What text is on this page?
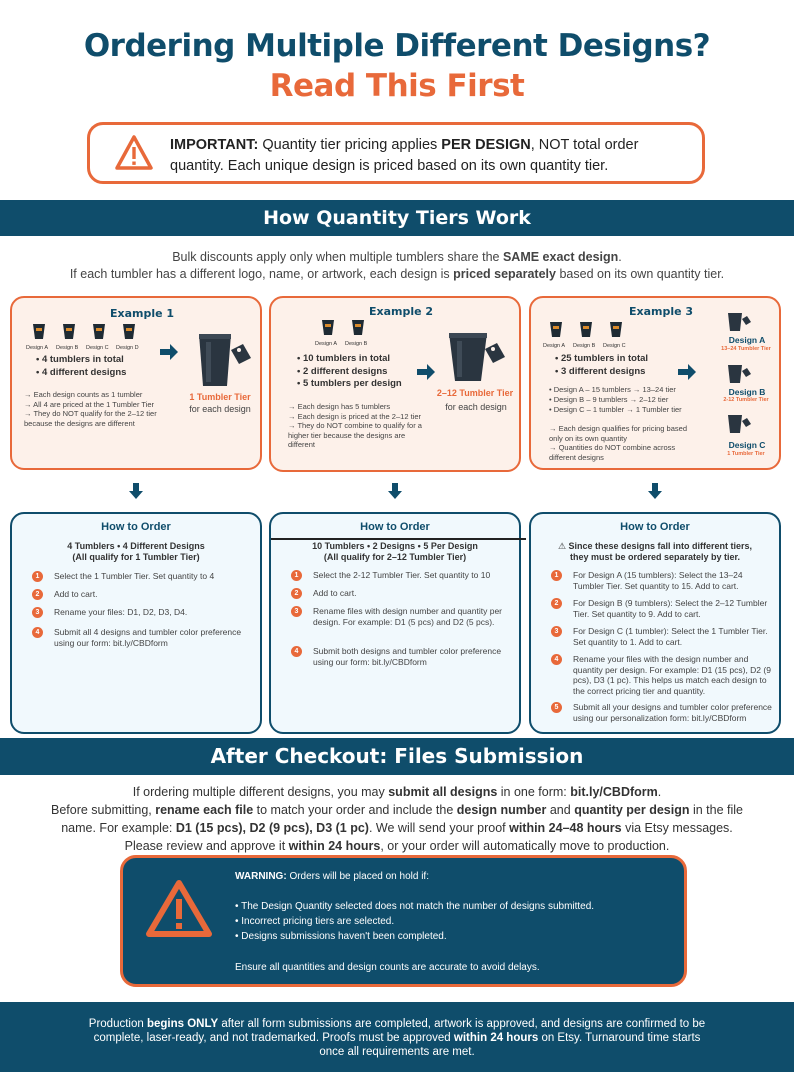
Ordering Multiple Different Designs?
Read This First
IMPORTANT: Quantity tier pricing applies PER DESIGN, NOT total order quantity. Each unique design is priced based on its own quantity tier.
How Quantity Tiers Work
Bulk discounts apply only when multiple tumblers share the SAME exact design.
If each tumbler has a different logo, name, or artwork, each design is priced separately based on its own quantity tier.
Example 1
Design A Design B Design C Design D
• 4 tumblers in total
• 4 different designs
→ Each design counts as 1 tumbler
→ All 4 are priced at the 1 Tumbler Tier
→ They do NOT qualify for the 2–12 tier because the designs are different
1 Tumbler Tier
for each design
Example 2
Design A Design B
• 10 tumblers in total
• 2 different designs
• 5 tumblers per design
→ Each design has 5 tumblers
→ Each design is priced at the 2–12 tier
→ They do NOT combine to qualify for a higher tier because the designs are different
2–12 Tumbler Tier
for each design
Example 3
Design A Design B Design C
• 25 tumblers in total
• 3 different designs
• Design A – 15 tumblers → 13–24 tier
• Design B – 9 tumblers → 2–12 tier
• Design C – 1 tumbler → 1 Tumbler tier
→ Each design qualifies for pricing based only on its own quantity
→ Quantities do NOT combine across different designs
Design A
13–24 Tumbler Tier
Design B
2-12 Tumbler Tier
Design C
1 Tumbler Tier
How to Order
4 Tumblers • 4 Different Designs
(All qualify for 1 Tumbler Tier)
1	Select the 1 Tumbler Tier. Set quantity to 4
2	Add to cart.
3	Rename your files: D1, D2, D3, D4.
4	Submit all 4 designs and tumbler color preference using our form: bit.ly/CBDform
How to Order
10 Tumblers • 2 Designs • 5 Per Design
(All qualify for 2–12 Tumbler Tier)
1	Select the 2-12 Tumbler Tier. Set quantity to 10
2	Add to cart.
3	Rename files with design number and quantity per design. For example: D1 (5 pcs) and D2 (5 pcs).
4	Submit both designs and tumbler color preference using our form: bit.ly/CBDform
How to Order
⚠ Since these designs fall into different tiers,
they must be ordered separately by tier.
1	For Design A (15 tumblers): Select the 13–24 Tumbler Tier. Set quantity to 15. Add to cart.
2	For Design B (9 tumblers): Select the 2–12 Tumbler Tier. Set quantity to 9. Add to cart.
3	For Design C (1 tumbler): Select the 1 Tumbler Tier. Set quantity to 1. Add to cart.
4	Rename your files with the design number and quantity per design. For example: D1 (15 pcs), D2 (9 pcs), D3 (1 pc). This helps us match each design to the correct pricing tier and quantity.
5	Submit all your designs and tumbler color preference using our personalization form: bit.ly/CBDform
After Checkout: Files Submission
If ordering multiple different designs, you may submit all designs in one form: bit.ly/CBDform.
Before submitting, rename each file to match your order and include the design number and quantity per design in the file
name. For example: D1 (15 pcs), D2 (9 pcs), D3 (1 pc). We will send your proof within 24–48 hours via Etsy messages.
Please review and approve it within 24 hours, or your order will automatically move to production.
WARNING: Orders will be placed on hold if:
• The Design Quantity selected does not match the number of designs submitted.
• Incorrect pricing tiers are selected.
• Designs submissions haven't been completed.
Ensure all quantities and design counts are accurate to avoid delays.
Production begins ONLY after all form submissions are completed, artwork is approved, and designs are confirmed to be
complete, laser-ready, and not trademarked. Proofs must be approved within 24 hours on Etsy. Turnaround time starts
once all requirements are met.
